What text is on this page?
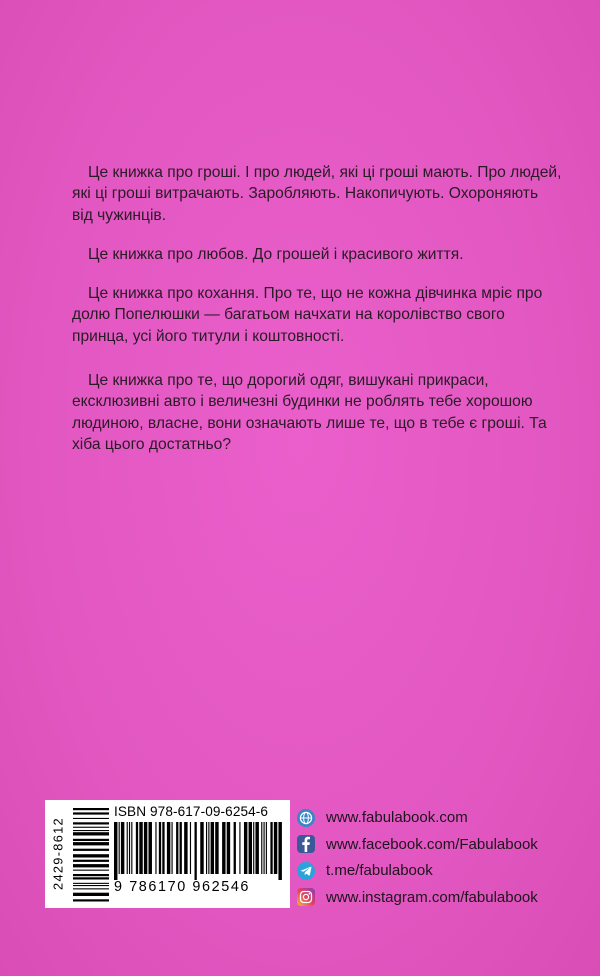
Це книжка про гроші. І про людей, які ці гроші мають. Про людей, які ці гроші витрачають. Заробляють. Накопичують. Охороняють від чужинців.

Це книжка про любов. До грошей і красивого життя.

Це книжка про кохання. Про те, що не кожна дівчинка мріє про долю Попелюшки — багатьом начхати на королівство свого принца, усі його титули і коштовності.

Це книжка про те, що дорогий одяг, вишукані прикраси, ексклюзивні авто і величезні будинки не роблять тебе хорошою людиною, власне, вони означають лише те, що в тебе є гроші. Та хіба цього достатньо?

ISBN 978-617-09-6254-6
9 786170 962546
2429-8612	www.fabulabook.com
www.facebook.com/Fabulabook
t.me/fabulabook
www.instagram.com/fabulabook
